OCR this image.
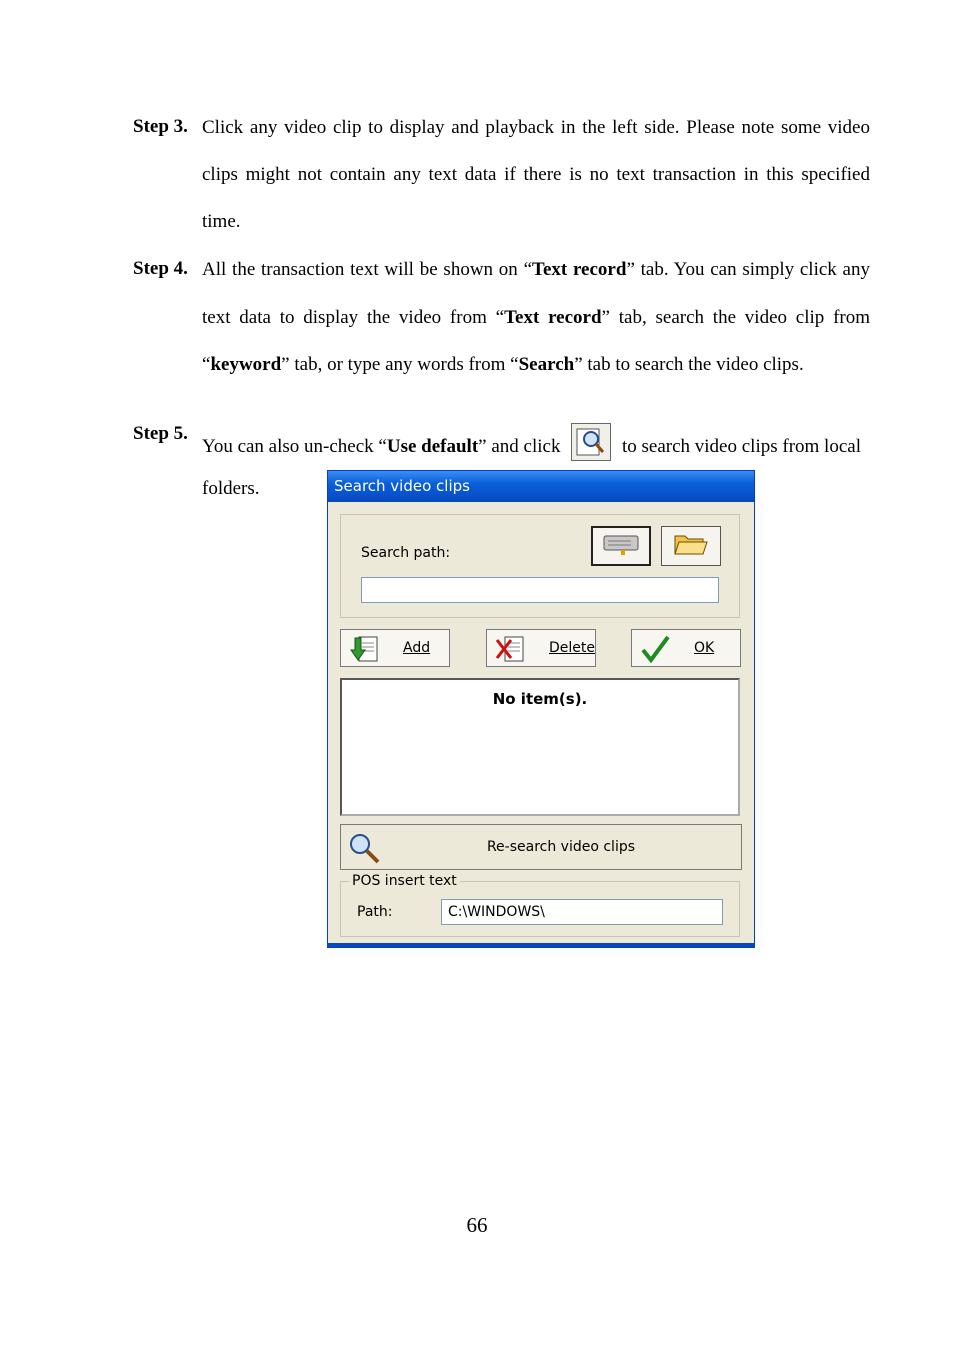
Step 3. Click any video clip to display and playback in the left side. Please note some video
clips might not contain any text data if there is no text transaction in this specified
time.
Step 4. All the transaction text will be shown on “Text record” tab. You can simply click any
text data to display the video from “Text record” tab, search the video clip from
“keyword” tab, or type any words from “Search” tab to search the video clips.
Step 5.
You can also un-check “Use default” and click	to search video clips from local
folders.	Search video clips
Search path:
Add	Delete	OK
No item(s).
Re-search video clips
POS insert text
Path:	C:\WINDOWS\
66
